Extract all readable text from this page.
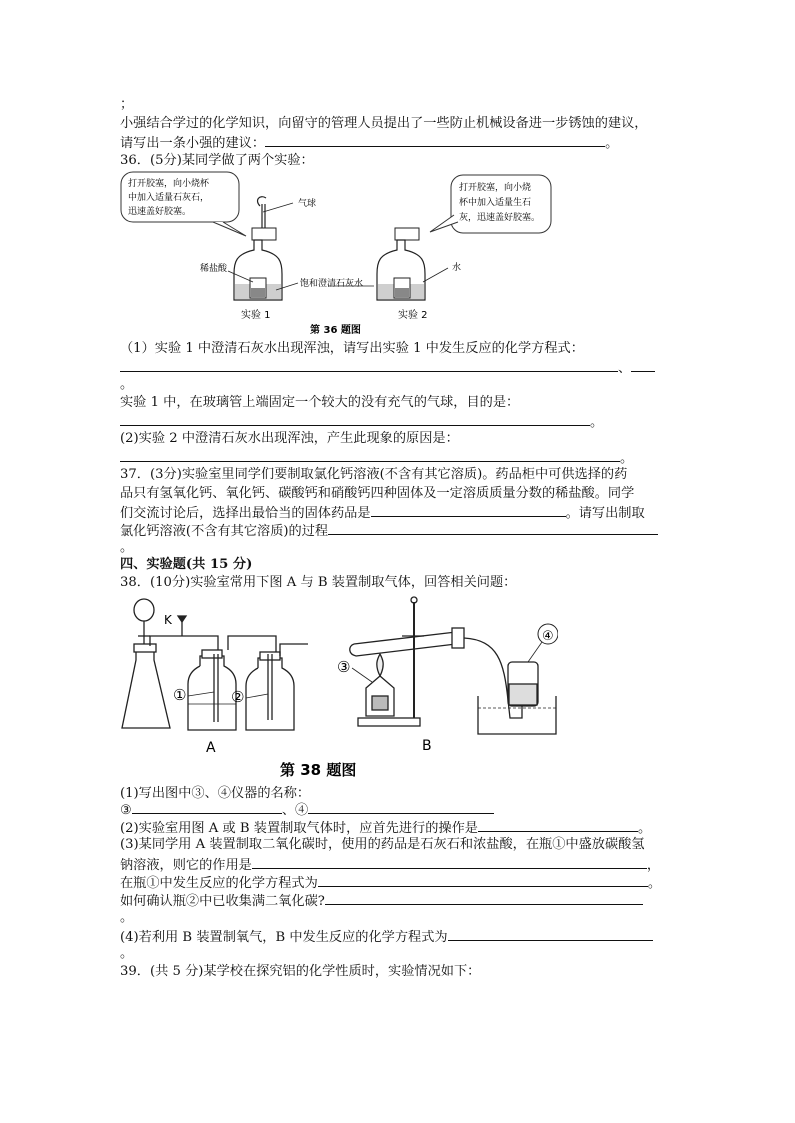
；
小强结合学过的化学知识，向留守的管理人员提出了一些防止机械设备进一步锈蚀的建议，
请写出一条小强的建议：	。
36．(5分)某同学做了两个实验：
打开胶塞，向小烧杯
中加入适量石灰石，
迅速盖好胶塞。
打开胶塞，向小烧
杯中加入适量生石
灰，迅速盖好胶塞。
气球
稀盐酸
饱和澄清石灰水
实验 1
水
实验 2
第 36 题图
（1）实验 1 中澄清石灰水出现浑浊，请写出实验 1 中发生反应的化学方程式：
、
。
实验 1 中，在玻璃管上端固定一个较大的没有充气的气球，目的是：
。
(2)实验 2 中澄清石灰水出现浑浊，产生此现象的原因是：
。
37．(3分)实验室里同学们要制取氯化钙溶液(不含有其它溶质)。药品柜中可供选择的药
品只有氢氧化钙、氧化钙、碳酸钙和硝酸钙四种固体及一定溶质质量分数的稀盐酸。同学
们交流讨论后，选择出最恰当的固体药品是	。请写出制取
氯化钙溶液(不含有其它溶质)的过程
。
四、实验题(共 15 分)
38．(10分)实验室常用下图 A 与 B 装置制取气体，回答相关问题：
K
①	②
A
③
④
B
第 38 题图
(1)写出图中③、④仪器的名称：
③	、④
(2)实验室用图 A 或 B 装置制取气体时，应首先进行的操作是	。
(3)某同学用 A 装置制取二氧化碳时，使用的药品是石灰石和浓盐酸，在瓶①中盛放碳酸氢
钠溶液，则它的作用是	，
在瓶①中发生反应的化学方程式为	。
如何确认瓶②中已收集满二氧化碳?
。
(4)若利用 B 装置制氧气，B 中发生反应的化学方程式为
。
39．(共 5 分)某学校在探究铝的化学性质时，实验情况如下：
